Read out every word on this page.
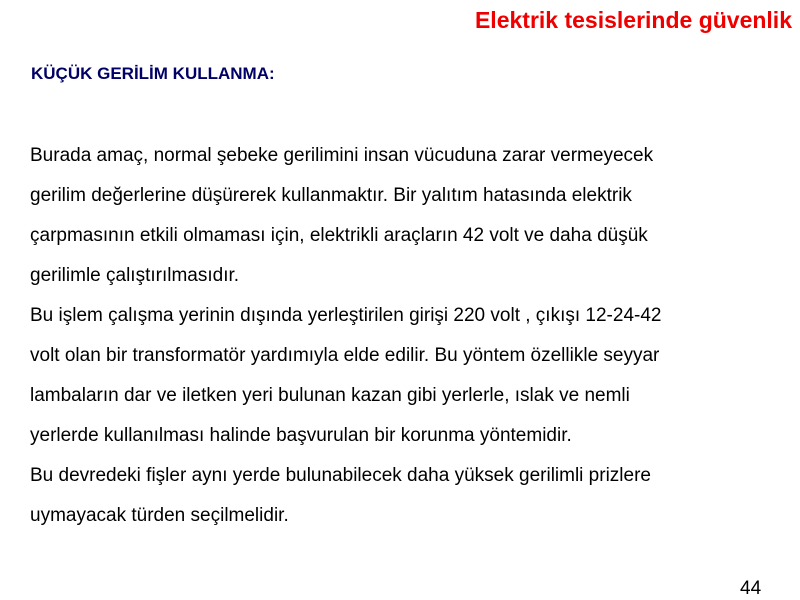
Elektrik tesislerinde güvenlik
KÜÇÜK GERİLİM KULLANMA:
Burada amaç, normal şebeke gerilimini insan vücuduna zarar vermeyecek
gerilim değerlerine düşürerek kullanmaktır. Bir yalıtım hatasında elektrik
çarpmasının etkili olmaması için, elektrikli araçların 42 volt ve daha düşük
gerilimle çalıştırılmasıdır.
Bu işlem çalışma yerinin dışında yerleştirilen girişi 220 volt , çıkışı 12-24-42
volt olan bir transformatör yardımıyla elde edilir. Bu yöntem özellikle seyyar
lambaların dar ve iletken yeri bulunan kazan gibi yerlerle, ıslak ve nemli
yerlerde kullanılması halinde başvurulan bir korunma yöntemidir.
Bu devredeki fişler aynı yerde bulunabilecek daha yüksek gerilimli prizlere
uymayacak türden seçilmelidir.
44
